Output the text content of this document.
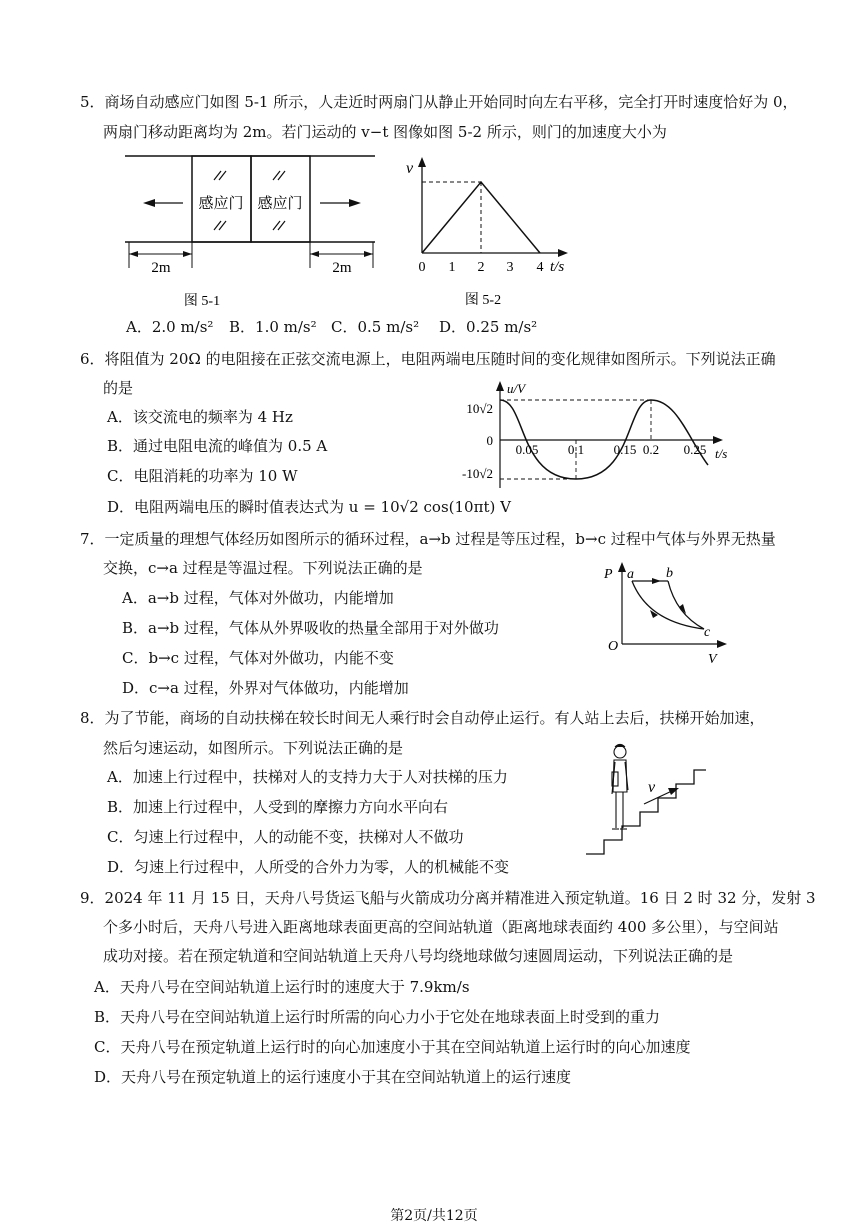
5．商场自动感应门如图 5-1 所示，人走近时两扇门从静止开始同时向左右平移，完全打开时速度恰好为 0，
两扇门移动距离均为 2m。若门运动的 v−t 图像如图 5-2 所示，则门的加速度大小为
感应门 感应门
2m	2m
图 5-1
v
0 1 2 3 4 t/s
图 5-2
A．2.0 m/s² B．1.0 m/s² C．0.5 m/s² D．0.25 m/s²
6．将阻值为 20Ω 的电阻接在正弦交流电源上，电阻两端电压随时间的变化规律如图所示。下列说法正确
的是
A．该交流电的频率为 4 Hz
B．通过电阻电流的峰值为 0.5 A
C．电阻消耗的功率为 10 W
D．电阻两端电压的瞬时值表达式为 u = 10√2 cos(10πt) V
u/V
10√2
0
-10√2
0.05 0.1 0.15 0.2 0.25 t/s
7．一定质量的理想气体经历如图所示的循环过程，a→b 过程是等压过程，b→c 过程中气体与外界无热量
交换，c→a 过程是等温过程。下列说法正确的是
A．a→b 过程，气体对外做功，内能增加
B．a→b 过程，气体从外界吸收的热量全部用于对外做功
C．b→c 过程，气体对外做功，内能不变
D．c→a 过程，外界对气体做功，内能增加
P
O
V
a b
c
8．为了节能，商场的自动扶梯在较长时间无人乘行时会自动停止运行。有人站上去后，扶梯开始加速，
然后匀速运动，如图所示。下列说法正确的是
A．加速上行过程中，扶梯对人的支持力大于人对扶梯的压力
B．加速上行过程中，人受到的摩擦力方向水平向右
C．匀速上行过程中，人的动能不变，扶梯对人不做功
D．匀速上行过程中，人所受的合外力为零，人的机械能不变
v
9．2024 年 11 月 15 日，天舟八号货运飞船与火箭成功分离并精准进入预定轨道。16 日 2 时 32 分，发射 3
个多小时后，天舟八号进入距离地球表面更高的空间站轨道（距离地球表面约 400 多公里），与空间站
成功对接。若在预定轨道和空间站轨道上天舟八号均绕地球做匀速圆周运动，下列说法正确的是
A．天舟八号在空间站轨道上运行时的速度大于 7.9km/s
B．天舟八号在空间站轨道上运行时所需的向心力小于它处在地球表面上时受到的重力
C．天舟八号在预定轨道上运行时的向心加速度小于其在空间站轨道上运行时的向心加速度
D．天舟八号在预定轨道上的运行速度小于其在空间站轨道上的运行速度
第2页/共12页
